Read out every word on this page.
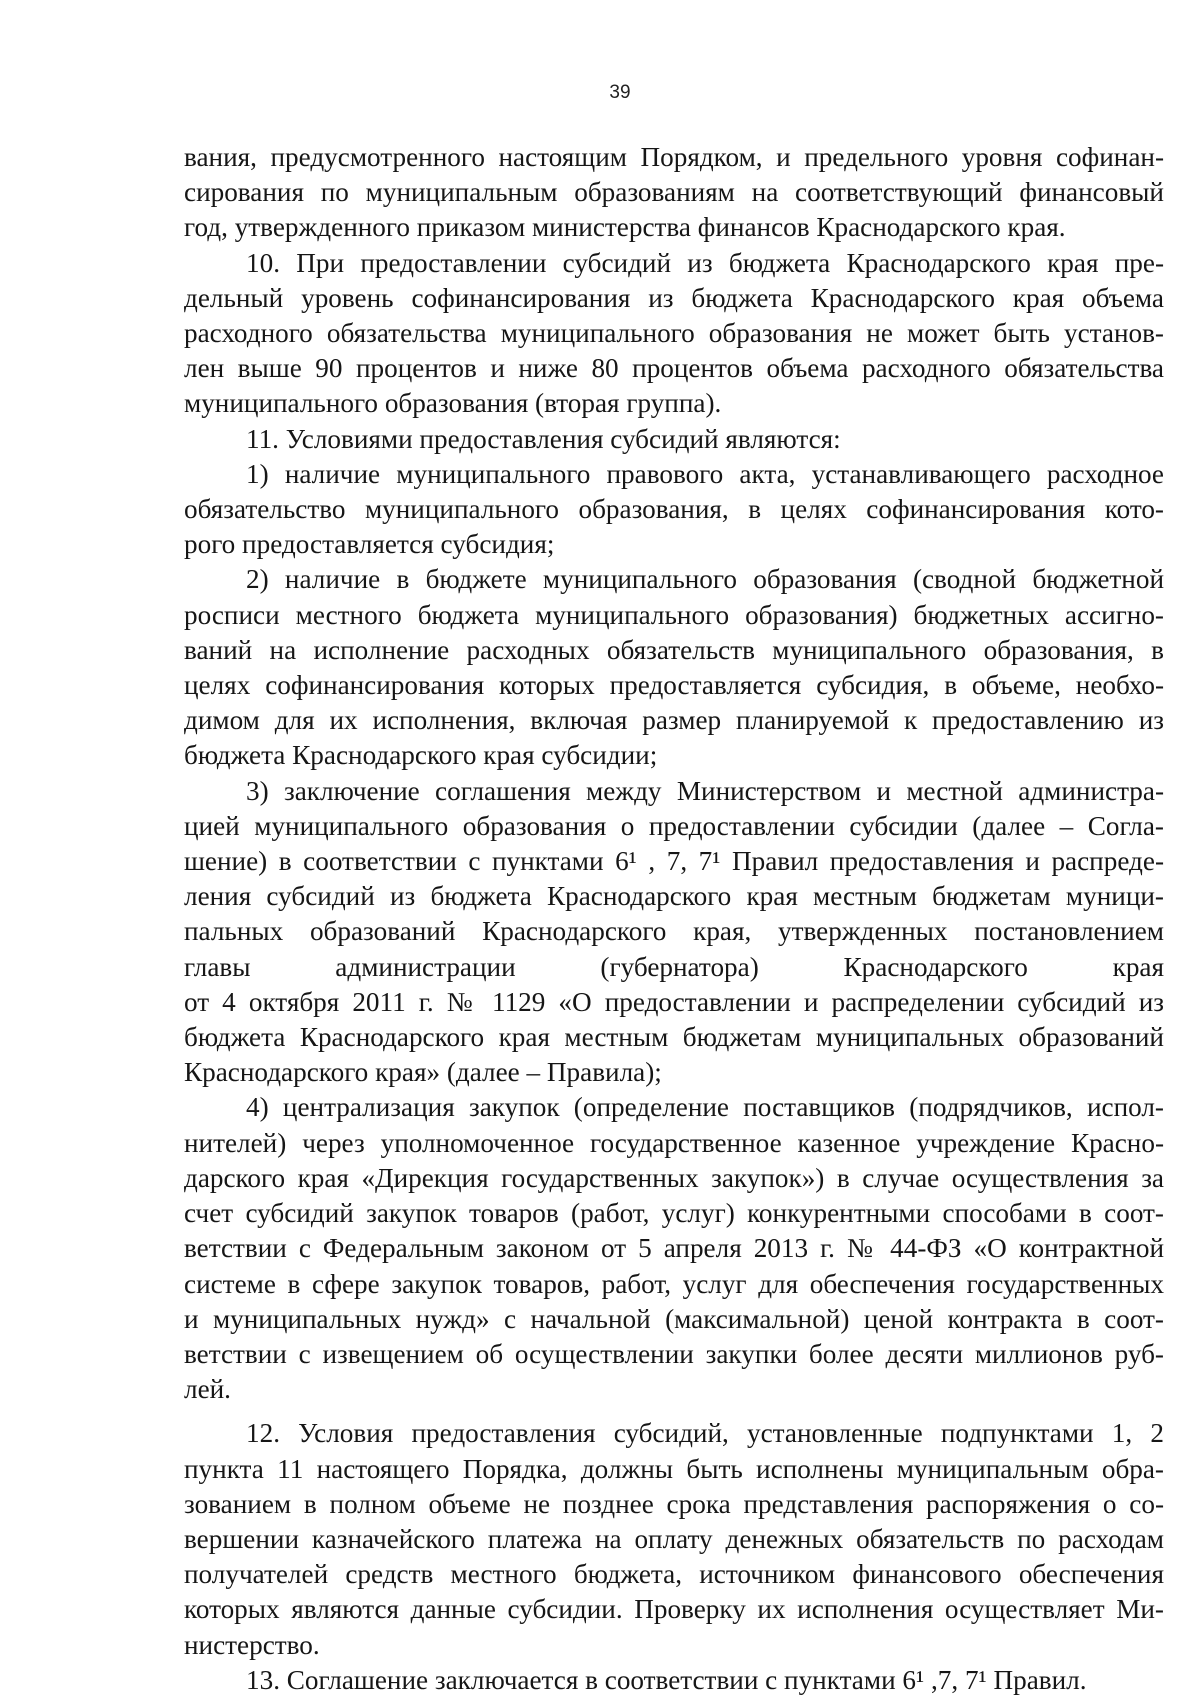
39
вания, предусмотренного настоящим Порядком, и предельного уровня софинан-
сирования по муниципальным образованиям на соответствующий финансовый
год, утвержденного приказом министерства финансов Краснодарского края.
10. При предоставлении субсидий из бюджета Краснодарского края пре-
дельный уровень софинансирования из бюджета Краснодарского края объема
расходного обязательства муниципального образования не может быть установ-
лен выше 90 процентов и ниже 80 процентов объема расходного обязательства
муниципального образования (вторая группа).
11. Условиями предоставления субсидий являются:
1) наличие муниципального правового акта, устанавливающего расходное
обязательство муниципального образования, в целях софинансирования кото-
рого предоставляется субсидия;
2) наличие в бюджете муниципального образования (сводной бюджетной
росписи местного бюджета муниципального образования) бюджетных ассигно-
ваний на исполнение расходных обязательств муниципального образования, в
целях софинансирования которых предоставляется субсидия, в объеме, необхо-
димом для их исполнения, включая размер планируемой к предоставлению из
бюджета Краснодарского края субсидии;
3) заключение соглашения между Министерством и местной администра-
цией муниципального образования о предоставлении субсидии (далее – Согла-
шение) в соответствии с пунктами 6¹ , 7, 7¹ Правил предоставления и распреде-
ления субсидий из бюджета Краснодарского края местным бюджетам муници-
пальных образований Краснодарского края, утвержденных постановлением
главы администрации (губернатора) Краснодарского края
от 4 октября 2011 г. № 1129 «О предоставлении и распределении субсидий из
бюджета Краснодарского края местным бюджетам муниципальных образований
Краснодарского края» (далее – Правила);
4) централизация закупок (определение поставщиков (подрядчиков, испол-
нителей) через уполномоченное государственное казенное учреждение Красно-
дарского края «Дирекция государственных закупок») в случае осуществления за
счет субсидий закупок товаров (работ, услуг) конкурентными способами в соот-
ветствии с Федеральным законом от 5 апреля 2013 г. № 44-ФЗ «О контрактной
системе в сфере закупок товаров, работ, услуг для обеспечения государственных
и муниципальных нужд» с начальной (максимальной) ценой контракта в соот-
ветствии с извещением об осуществлении закупки более десяти миллионов руб-
лей.
12. Условия предоставления субсидий, установленные подпунктами 1, 2
пункта 11 настоящего Порядка, должны быть исполнены муниципальным обра-
зованием в полном объеме не позднее срока представления распоряжения о со-
вершении казначейского платежа на оплату денежных обязательств по расходам
получателей средств местного бюджета, источником финансового обеспечения
которых являются данные субсидии. Проверку их исполнения осуществляет Ми-
нистерство.
13. Соглашение заключается в соответствии с пунктами 6¹ ,7, 7¹ Правил.
